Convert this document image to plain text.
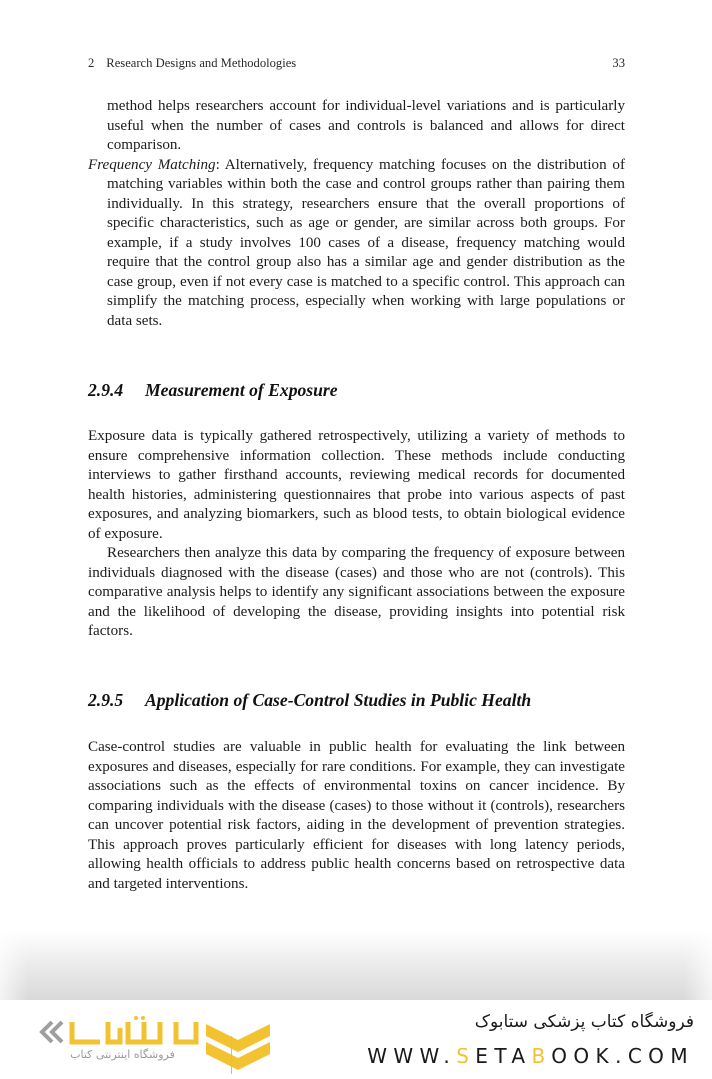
2 Research Designs and Methodologies	33

method helps researchers account for individual-level variations and is particularly useful when the number of cases and controls is balanced and allows for direct comparison.

Frequency Matching: Alternatively, frequency matching focuses on the distribution of matching variables within both the case and control groups rather than pairing them individually. In this strategy, researchers ensure that the overall proportions of specific characteristics, such as age or gender, are similar across both groups. For example, if a study involves 100 cases of a disease, frequency matching would require that the control group also has a similar age and gender distribution as the case group, even if not every case is matched to a specific control. This approach can simplify the matching process, especially when working with large populations or data sets.

2.9.4 Measurement of Exposure

Exposure data is typically gathered retrospectively, utilizing a variety of methods to ensure comprehensive information collection. These methods include conducting interviews to gather firsthand accounts, reviewing medical records for documented health histories, administering questionnaires that probe into various aspects of past exposures, and analyzing biomarkers, such as blood tests, to obtain biological evidence of exposure.

Researchers then analyze this data by comparing the frequency of exposure between individuals diagnosed with the disease (cases) and those who are not (controls). This comparative analysis helps to identify any significant associations between the exposure and the likelihood of developing the disease, providing insights into potential risk factors.

2.9.5 Application of Case-Control Studies in Public Health

Case-control studies are valuable in public health for evaluating the link between exposures and diseases, especially for rare conditions. For example, they can investigate associations such as the effects of environmental toxins on cancer incidence. By comparing individuals with the disease (cases) to those without it (controls), researchers can uncover potential risk factors, aiding in the development of prevention strategies. This approach proves particularly efficient for diseases with long latency periods, allowing health officials to address public health concerns based on retrospective data and targeted interventions.

فروشگاه اینترنتی کتاب
فروشگاه کتاب پزشکی ستابوک
WWW.SETABOOK.COM
